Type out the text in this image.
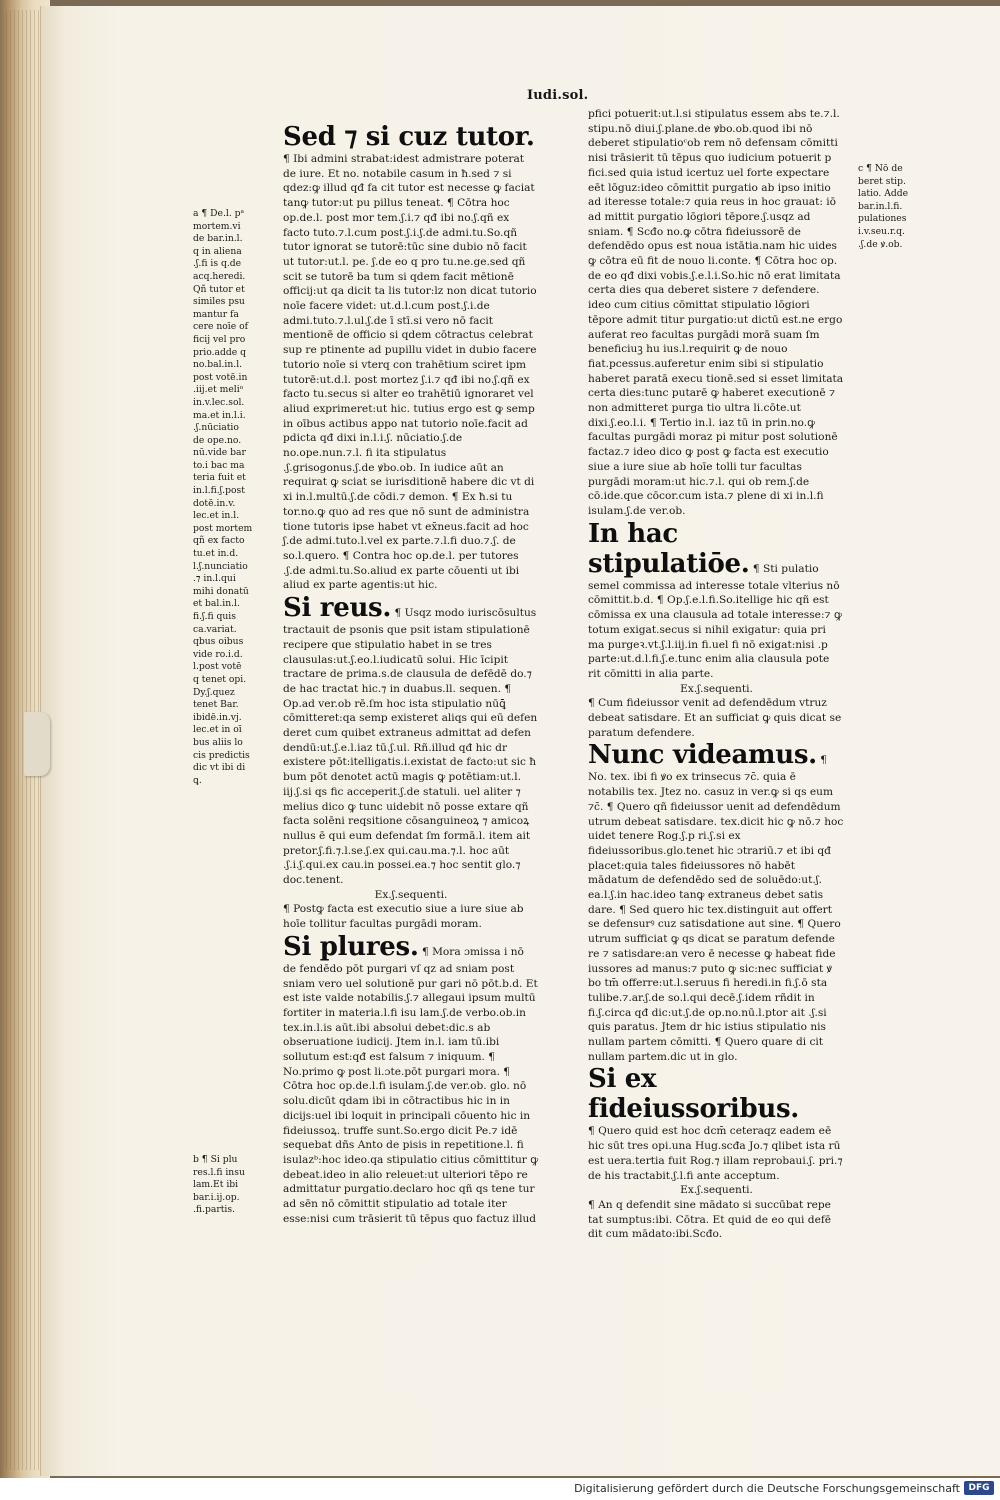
Iudi.sol.

Sed ⁊ si cuz tutor. ¶ Ibi admini strabat:idest admistrare poterat de iure. Et no. notabile casum in ħ.sed ⁊ si qdez:ꝙ illud qđ fa cit tutor est necesse ꝙ faciat tanꝙ tutor:ut pu pillus teneat. ¶ Cōtra hoc op.de.l. post mor tem.ʃ.i.⁊ qđ ibi no.ʃ.qñ ex facto tuto.⁊.l.cum post.ʃ.i.ʃ.de admi.tu.So.qñ tutor ignorat se tutorē:tūc sine dubio nō facit ut tutor:ut.l. pe. ʃ.de eo q pro tu.ne.ge.sed qñ scit se tutorē ba tum si qdem facit mētionē officij:ut qa dicit ta lis tutor:lz non dicat tutorio noīe facere videt: ut.d.l.cum post.ʃ.i.de admi.tuto.⁊.l.ul.ʃ.de ī stī.si vero nō facit mentionē de officio si qdem cōtractus celebrat sup re ptinente ad pupillu videt in dubio facere tutorio noīe si vterq con trahētium sciret ipm tutorē:ut.d.l. post mortez ʃ.i.⁊ qđ ibi no.ʃ.qñ ex facto tu.secus si alter eo trahētiū ignoraret vel aliud exprimeret:ut hic. tutius ergo est ꝙ semp in oībus actibus appo nat tutorio noīe.facit ad pdicta qđ dixi in.l.i.ʃ. nūciatio.ʃ.de no.ope.nun.⁊.l. fi ita stipulatus .ʃ.grisogonus.ʃ.de ꝟbo.ob. In iudice aūt an requirat ꝙ sciat se iurisditionē habere dic vt di xi in.l.multū.ʃ.de cōdi.⁊ demon. ¶ Ex ħ.si tu tor.no.ꝙ quo ad res que nō sunt de administra tione tutoris ipse habet vt ex̄neus.facit ad hoc ʃ.de admi.tuto.l.vel ex parte.⁊.l.fi duo.⁊.ʃ. de so.l.quero. ¶ Contra hoc op.de.l. per tutores .ʃ.de admi.tu.So.aliud ex parte cōuenti ut ibi aliud ex parte agentis:ut hic.

Si reus. ¶ Usqz modo iuriscōsultus tractauit de psonis que psit istam stipulationē recipere que stipulatio habet in se tres clausulas:ut.ʃ.eo.l.iudicatū solui. Hic īcipit tractare de prima.s.de clausula de defēdē do.⁊ de hac tractat hic.⁊ in duabus.ll. sequen. ¶ Op.ad ver.ob rē.ſm hoc ista stipulatio nūꝗ̄ cōmitteret:qa semp existeret aliqs qui eū defen deret cum quibet extraneus admittat ad defen dendū:ut.ʃ.e.l.iaz tū.ʃ.ul. Rñ.illud qđ hic dr existere pōt:itelligatis.i.existat de facto:ut sic ħ bum pōt denotet actū magis ꝙ potētiam:ut.l. iij.ʃ.si qs fic acceperit.ʃ.de statuli. uel aliter ⁊ melius dico ꝙ tunc uidebit nō posse extare qñ facta solēni reqsitione cōsanguineoꝝ ⁊ amicoꝝ nullus ē qui eum defendat ſm formā.l. item ait pretor.ʃ.fi.⁊.l.se.ʃ.ex qui.cau.ma.⁊.l. hoc aūt .ʃ.i.ʃ.qui.ex cau.in possei.ea.⁊ hoc sentit glo.⁊ doc.tenent.

Ex.ʃ.sequenti.

¶ Postꝙ facta est executio siue a iure siue ab hoīe tollitur facultas purgādi moram.

Si plures. ¶ Mora ɔmissa i nō de fendēdo pōt purgari vſ qz ad sniam post sniam vero uel solutionē pur gari nō pōt.b.d. Et est iste valde notabilis.ʃ.⁊ allegaui ipsum multū fortiter in materia.l.fi isu lam.ʃ.de verbo.ob.in tex.in.l.is aūt.ibi absolui debet:dic.s ab obseruatione iudicij. Jtem in.l. iam tū.ibi sollutum est:qđ est falsum ⁊ iniquum. ¶ No.primo ꝙ post li.ɔte.pōt purgari mora. ¶ Cōtra hoc op.de.l.fi isulam.ʃ.de ver.ob. glo. nō solu.dicūt qdam ibi in cōtractibus hic in in dicijs:uel ibi loquit in principali cōuento hic in fideiussoꝝ. truffe sunt.So.ergo dicit Pe.⁊ idē sequebat dñs Anto de pisis in repetitione.l. fi isulazᵇ:hoc ideo.qa stipulatio citius cōmittitur ꝙ debeat.ideo in alio releuet:ut ulteriori tēpo re admittatur purgatio.declaro hoc qñ qs tene tur ad sēn nō cōmittit stipulatio ad totale iter esse:nisi cum trāsierit tū tēpus quo factuz illud

pfici potuerit:ut.l.si stipulatus essem abs te.⁊.l. stipu.nō diui.ʃ.plane.de ꝟbo.ob.quod ibi nō deberet stipulatioᶜob rem nō defensam cōmitti nisi trāsierit tū tēpus quo iudicium potuerit p fici.sed quia istud icertuz uel forte expectare eēt lōguz:ideo cōmittit purgatio ab ipso initio ad iteresse totale:⁊ quia reus in hoc grauat: iō ad mittit purgatio lōgiori tēpore.ʃ.usqz ad sniam. ¶ Scđo no.ꝙ cōtra fideiussorē de defendēdo opus est noua istātia.nam hic uides ꝙ cōtra eū fit de nouo li.conte. ¶ Cōtra hoc op. de eo qđ dixi vobis.ʃ.e.l.i.So.hic nō erat limitata certa dies qua deberet sistere ⁊ defendere. ideo cum citius cōmittat stipulatio lōgiori tēpore admit titur purgatio:ut dictū est.ne ergo auferat reo facultas purgādi morā suam ſm beneficiuꝫ hu ius.l.requirit ꝙ de nouo fiat.pcessus.auferetur enim sibi si stipulatio haberet paratā execu tionē.sed si esset limitata certa dies:tunc putarē ꝙ haberet executionē ⁊ non admitteret purga tio ultra li.cōte.ut dixi.ʃ.eo.l.i. ¶ Tertio in.l. iaz tū in prin.no.ꝙ facultas purgādi moraz pi mitur post solutionē factaz.⁊ ideo dico ꝙ post ꝙ facta est executio siue a iure siue ab hoīe tolli tur facultas purgādi moram:ut hic.⁊.l. qui ob rem.ʃ.de cō.ide.que cōcor.cum ista.⁊ plene di xi in.l.fi isulam.ʃ.de ver.ob.

In hac stipulatiōe. ¶ Sti pulatio semel commissa ad interesse totale vlterius nō cōmittit.b.d. ¶ Op.ʃ.e.l.fi.So.itellige hic qñ est cōmissa ex una clausula ad totale interesse:⁊ ꝙ totum exigat.secus si nihil exigatur: quia pri ma purgeꝛ.vt.ʃ.l.iij.in fi.uel fi nō exigat:nisi .p parte:ut.d.l.fi.ʃ.e.tunc enim alia clausula pote rit cōmitti in alia parte.

Ex.ʃ.sequenti.

¶ Cum fideiussor venit ad defendēdum vtruz debeat satisdare. Et an sufficiat ꝙ quis dicat se paratum defendere.

Nunc videamus. ¶ No. tex. ibi fi ꝟo ex trinsecus ⁊c̄. quia ē notabilis tex. Jtez no. casuz in ver.ꝙ si qs eum ⁊c̄. ¶ Quero qñ fideiussor uenit ad defendēdum utrum debeat satisdare. tex.dicit hic ꝙ nō.⁊ hoc uidet tenere Rog.ʃ.p ri.ʃ.si ex fideiussoribus.glo.tenet hic ɔtrariū.⁊ et ibi qđ placet:quia tales fideiussores nō habēt mādatum de defendēdo sed de soluēdo:ut.ʃ. ea.l.ʃ.in hac.ideo tanꝙ extraneus debet satis dare. ¶ Sed quero hic tex.distinguit aut offert se defensurꝰ cuz satisdatione aut sine. ¶ Quero utrum sufficiat ꝙ qs dicat se paratum defende re ⁊ satisdare:an vero ē necesse ꝙ habeat fide iussores ad manus:⁊ puto ꝙ sic:nec sufficiat ꝟ bo tm̄ offerre:ut.l.seruus fi heredi.in fi.ʃ.ō sta tulibe.⁊.ar.ʃ.de so.l.qui decē.ʃ.idem rñdit in fi.ʃ.circa qđ dic:ut.ʃ.de op.no.nū.l.ptor ait .ʃ.si quis paratus. Jtem dr hic istius stipulatio nis nullam partem cōmitti. ¶ Quero quare di cit nullam partem.dic ut in glo.

Si ex fideiussoribus.

¶ Quero quid est hoc dcm̄ ceteraqz eadem eē hic sūt tres opi.una Hug.scđa Jo.⁊ qlibet ista rū est uera.tertia fuit Rog.⁊ illam reprobaui.ʃ. pri.⁊ de his tractabit.ʃ.l.fi ante acceptum.

Ex.ʃ.sequenti.

¶ An q defendit sine mādato si succūbat repe tat sumptus:ibi. Cōtra. Et quid de eo qui defē dit cum mādato:ibi.Scđo.

a ¶ De.l. pᵃ
mortem.vi
de bar.in.l.
q in aliena
.ʃ.fi is q.de
acq.heredi.
Qñ tutor et
similes psu
mantur fa
cere noīe of
ficij vel pro
prio.adde q
no.bal.in.l.
post votē.in
.iij.et meliᵒ
in.v.lec.sol.
ma.et in.l.i.
.ʃ.nūciatio
de ope.no.
nū.vide bar
to.i bac ma
teria fuit et
in.l.fi.ʃ.post
dotē.in.v.
lec.et in.l.
post mortem
qñ ex facto
tu.et in.d.
l.ʃ.nunciatio
.⁊ in.l.qui
mihi donatū
et bal.in.l.
fi.ʃ.fi quis
ca.variat.
qbus oibus
vide ro.i.d.
l.post votē
q tenet opi.
Dy.ʃ.quez
tenet Bar.
ibidē.in.vj.
lec.et in oī
bus aliis lo
cis predictis
dic vt ibi di
ꝗ.
b ¶ Si plu
res.l.fi insu
lam.Et ibi
bar.i.ij.op.
.fi.partis.
c ¶ Nō de
beret stip.
latio. Adde
bar.in.l.fi.
pulationes
i.v.seu.r.q.
.ʃ.de ꝟ.ob.
Digitalisierung gefördert durch die Deutsche Forschungsgemeinschaft DFG
